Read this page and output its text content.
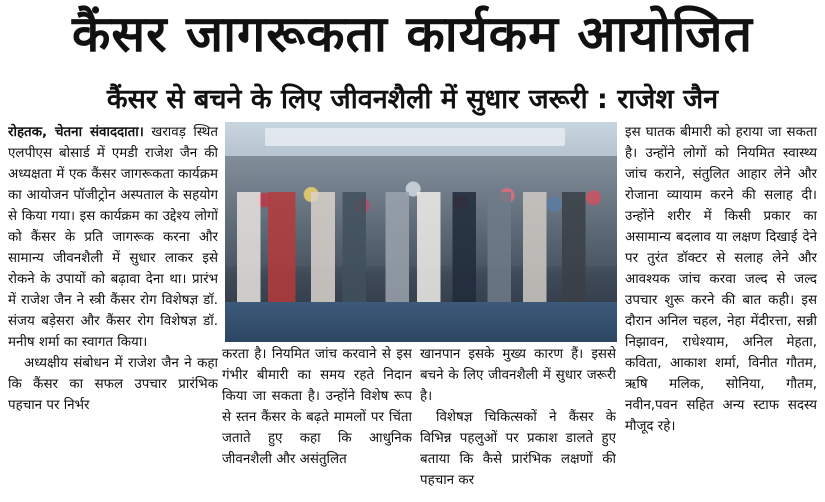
कैंसर जागरूकता कार्यकम आयोजित
कैंसर से बचने के लिए जीवनशैली में सुधार जरूरी : राजेश जैन

रोहतक, चेतना संवाददाता। खरावड़ स्थित एलपीएस बोसार्ड में एमडी राजेश जैन की अध्यक्षता में एक कैंसर जागरूकता कार्यक्रम का आयोजन पॉजीट्रोन अस्पताल के सहयोग से किया गया। इस कार्यक्रम का उद्देश्य लोगों को कैंसर के प्रति जागरूक करना और सामान्य जीवनशैली में सुधार लाकर इसे रोकने के उपायों को बढ़ावा देना था। प्रारंभ में राजेश जैन ने स्त्री कैंसर रोग विशेषज्ञ डॉ. संजय बड़ेसरा और कैंसर रोग विशेषज्ञ डॉ. मनीष शर्मा का स्वागत किया।

अध्यक्षीय संबोधन में राजेश जैन ने कहा कि कैंसर का सफल उपचार प्रारंभिक पहचान पर निर्भर

करता है। नियमित जांच करवाने से इस गंभीर बीमारी का समय रहते निदान किया जा सकता है। उन्होंने विशेष रूप से स्तन कैंसर के बढ़ते मामलों पर चिंता जताते हुए कहा कि आधुनिक जीवनशैली और असंतुलित

खानपान इसके मुख्य कारण हैं। इससे बचने के लिए जीवनशैली में सुधार जरूरी है।

विशेषज्ञ चिकित्सकों ने कैंसर के विभिन्न पहलुओं पर प्रकाश डालते हुए बताया कि कैसे प्रारंभिक लक्षणों की पहचान कर

इस घातक बीमारी को हराया जा सकता है। उन्होंने लोगों को नियमित स्वास्थ्य जांच कराने, संतुलित आहार लेने और रोजाना व्यायाम करने की सलाह दी। उन्होंने शरीर में किसी प्रकार का असामान्य बदलाव या लक्षण दिखाई देने पर तुरंत डॉक्टर से सलाह लेने और आवश्यक जांच करवा जल्द से जल्द उपचार शुरू करने की बात कही। इस दौरान अनिल चहल, नेहा मेंदीरत्ता, सन्नी निझावन, राधेश्याम, अनिल मेहता, कविता, आकाश शर्मा, विनीत गौतम, ऋषि मलिक, सोनिया, गौतम, नवीन,पवन सहित अन्य स्टाफ सदस्य मौजूद रहे।
